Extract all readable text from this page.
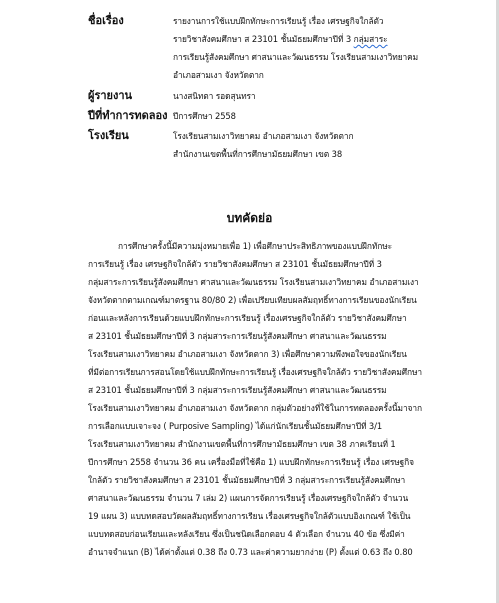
ชื่อเรื่อง	รายงานการใช้แบบฝึกทักษะการเรียนรู้ เรื่อง เศรษฐกิจใกล้ตัว
รายวิชาสังคมศึกษา ส 23101 ชั้นมัธยมศึกษาปีที่ 3 กลุ่มสาระ
การเรียนรู้สังคมศึกษา ศาสนาและวัฒนธรรม โรงเรียนสามเงาวิทยาคม
อำเภอสามเงา จังหวัดตาก
ผู้รายงาน	นางสนิทตา รอดสุนทรา
ปีที่ทำการทดลอง ปีการศึกษา 2558
โรงเรียน	โรงเรียนสามเงาวิทยาคม อำเภอสามเงา จังหวัดตาก
สำนักงานเขตพื้นที่การศึกษามัธยมศึกษา เขต 38
บทคัดย่อ
การศึกษาครั้งนี้มีความมุ่งหมายเพื่อ 1) เพื่อศึกษาประสิทธิภาพของแบบฝึกทักษะ
การเรียนรู้ เรื่อง เศรษฐกิจใกล้ตัว รายวิชาสังคมศึกษา ส 23101 ชั้นมัธยมศึกษาปีที่ 3
กลุ่มสาระการเรียนรู้สังคมศึกษา ศาสนาและวัฒนธรรม โรงเรียนสามเงาวิทยาคม อำเภอสามเงา
จังหวัดตากตามเกณฑ์มาตรฐาน 80/80 2) เพื่อเปรียบเทียบผลสัมฤทธิ์ทางการเรียนของนักเรียน
ก่อนและหลังการเรียนด้วยแบบฝึกทักษะการเรียนรู้ เรื่องเศรษฐกิจใกล้ตัว รายวิชาสังคมศึกษา
ส 23101 ชั้นมัธยมศึกษาปีที่ 3 กลุ่มสาระการเรียนรู้สังคมศึกษา ศาสนาและวัฒนธรรม
โรงเรียนสามเงาวิทยาคม อำเภอสามเงา จังหวัดตาก 3) เพื่อศึกษาความพึงพอใจของนักเรียน
ที่มีต่อการเรียนการสอนโดยใช้แบบฝึกทักษะการเรียนรู้ เรื่องเศรษฐกิจใกล้ตัว รายวิชาสังคมศึกษา
ส 23101 ชั้นมัธยมศึกษาปีที่ 3 กลุ่มสาระการเรียนรู้สังคมศึกษา ศาสนาและวัฒนธรรม
โรงเรียนสามเงาวิทยาคม อำเภอสามเงา จังหวัดตาก กลุ่มตัวอย่างที่ใช้ในการทดลองครั้งนี้มาจาก
การเลือกแบบเจาะจง ( Purposive Sampling) ได้แก่นักเรียนชั้นมัธยมศึกษาปีที่ 3/1
โรงเรียนสามเงาวิทยาคม สำนักงานเขตพื้นที่การศึกษามัธยมศึกษา เขต 38 ภาคเรียนที่ 1
ปีการศึกษา 2558 จำนวน 36 คน เครื่องมือที่ใช้คือ 1) แบบฝึกทักษะการเรียนรู้ เรื่อง เศรษฐกิจ
ใกล้ตัว รายวิชาสังคมศึกษา ส 23101 ชั้นมัธยมศึกษาปีที่ 3 กลุ่มสาระการเรียนรู้สังคมศึกษา
ศาสนาและวัฒนธรรม จำนวน 7 เล่ม 2) แผนการจัดการเรียนรู้ เรื่องเศรษฐกิจใกล้ตัว จำนวน
19 แผน 3) แบบทดสอบวัดผลสัมฤทธิ์ทางการเรียน เรื่องเศรษฐกิจใกล้ตัวแบบอิงเกณฑ์ ใช้เป็น
แบบทดสอบก่อนเรียนและหลังเรียน ซึ่งเป็นชนิดเลือกตอบ 4 ตัวเลือก จำนวน 40 ข้อ ซึ่งมีค่า
อำนาจจำแนก (B) ได้ค่าตั้งแต่ 0.38 ถึง 0.73 และค่าความยากง่าย (P) ตั้งแต่ 0.63 ถึง 0.80
